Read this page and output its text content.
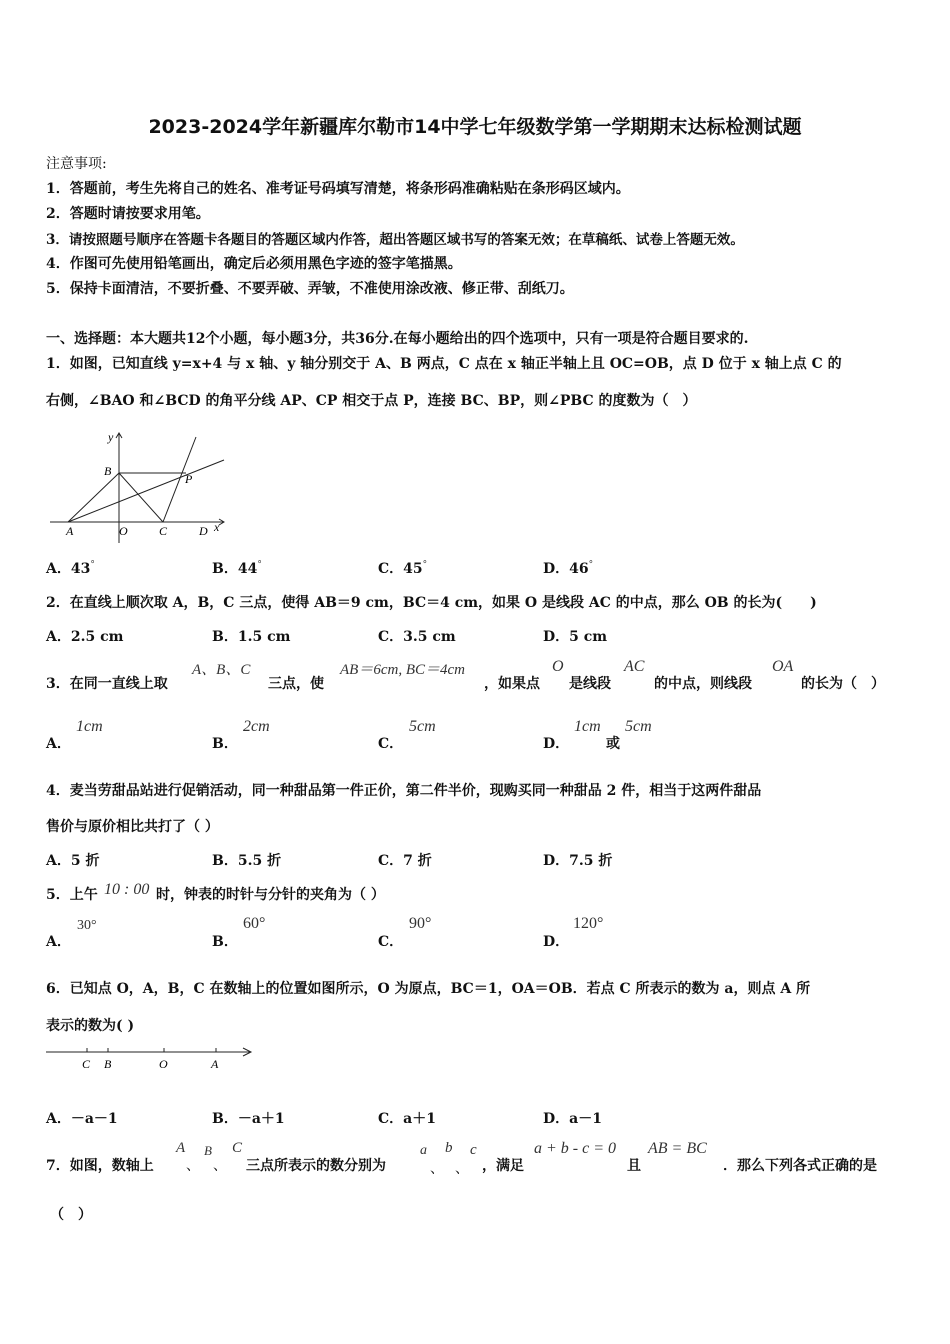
2023-2024学年新疆库尔勒市14中学七年级数学第一学期期末达标检测试题
注意事项:
1．答题前，考生先将自己的姓名、准考证号码填写清楚，将条形码准确粘贴在条形码区域内。
2．答题时请按要求用笔。
3．请按照题号顺序在答题卡各题目的答题区域内作答，超出答题区域书写的答案无效；在草稿纸、试卷上答题无效。
4．作图可先使用铅笔画出，确定后必须用黑色字迹的签字笔描黑。
5．保持卡面清洁，不要折叠、不要弄破、弄皱，不准使用涂改液、修正带、刮纸刀。
一、选择题：本大题共12个小题，每小题3分，共36分.在每小题给出的四个选项中，只有一项是符合题目要求的.
1．如图，已知直线 y=x+4 与 x 轴、y 轴分别交于 A、B 两点，C 点在 x 轴正半轴上且 OC=OB，点 D 位于 x 轴上点 C 的
右侧，∠BAO 和∠BCD 的角平分线 AP、CP 相交于点 P，连接 BC、BP，则∠PBC 的度数为（　）
y
B
P
A	O	C	D x
A．43°	B．44°	C．45°	D．46°
2．在直线上顺次取 A，B，C 三点，使得 AB＝9 cm，BC＝4 cm，如果 O 是线段 AC 的中点，那么 OB 的长为(　　)
A．2.5 cm	B．1.5 cm	C．3.5 cm	D．5 cm
3．在同一直线上取
A、B、C
三点，使
AB＝6cm, BC＝4cm
，如果点
O
是线段
AC
的中点，则线段
OA
的长为（　）
A．
1cm
B．
2cm
C．
5cm
D．
1cm
或
5cm
4．麦当劳甜品站进行促销活动，同一种甜品第一件正价，第二件半价，现购买同一种甜品 2 件，相当于这两件甜品
售价与原价相比共打了（ ）
A．5 折	B．5.5 折	C．7 折	D．7.5 折
5．上午 10 : 00 时，钟表的时针与分针的夹角为（ ）
A．
30°
B．
60°
C．
90°
D．
120°
6．已知点 O，A，B，C 在数轴上的位置如图所示，O 为原点，BC＝1，OA＝OB．若点 C 所表示的数为 a，则点 A 所
表示的数为( )
C B	O	A
A．－a－1	B．－a＋1	C．a＋1	D．a－1
7．如图，数轴上
A
、
B
、
C
三点所表示的数分别为
a
、
b
、
c
，满足
a + b - c = 0
且
AB = BC
．那么下列各式正确的是
（　）
